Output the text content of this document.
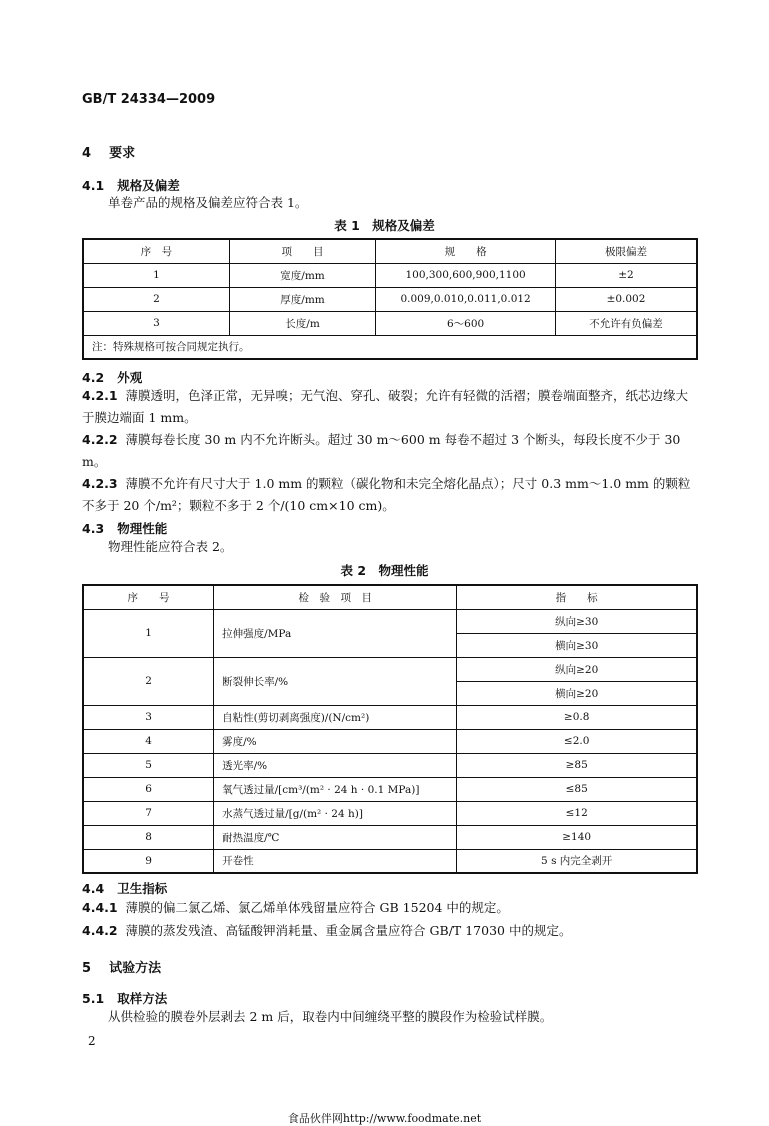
GB/T 24334—2009
4 要求
4.1 规格及偏差
单卷产品的规格及偏差应符合表 1。
表 1　规格及偏差
序　号	项　　目	规　　格	极限偏差
1	宽度/mm	100,300,600,900,1100	±2
2	厚度/mm	0.009,0.010,0.011,0.012	±0.002
3	长度/m	6～600	不允许有负偏差
注：特殊规格可按合同规定执行。			
4.2 外观
4.2.1 薄膜透明，色泽正常，无异嗅；无气泡、穿孔、破裂；允许有轻微的活褶；膜卷端面整齐，纸芯边缘大于膜边端面 1 mm。
4.2.2 薄膜每卷长度 30 m 内不允许断头。超过 30 m～600 m 每卷不超过 3 个断头，每段长度不少于 30 m。
4.2.3 薄膜不允许有尺寸大于 1.0 mm 的颗粒（碳化物和未完全熔化晶点）；尺寸 0.3 mm～1.0 mm 的颗粒不多于 20 个/m²；颗粒不多于 2 个/(10 cm×10 cm)。
4.3 物理性能
物理性能应符合表 2。
表 2　物理性能
序　　号	检　验　项　目	指　　标
1	拉伸强度/MPa	纵向≥30
		横向≥30
2	断裂伸长率/%	纵向≥20
		横向≥20
3	自粘性(剪切剥离强度)/(N/cm²)	≥0.8
4	雾度/%	≤2.0
5	透光率/%	≥85
6	氧气透过量/[cm³/(m² · 24 h · 0.1 MPa)]	≤85
7	水蒸气透过量/[g/(m² · 24 h)]	≤12
8	耐热温度/℃	≥140
9	开卷性	5 s 内完全剥开
4.4 卫生指标
4.4.1 薄膜的偏二氯乙烯、氯乙烯单体残留量应符合 GB 15204 中的规定。
4.4.2 薄膜的蒸发残渣、高锰酸钾消耗量、重金属含量应符合 GB/T 17030 中的规定。
5 试验方法
5.1 取样方法
从供检验的膜卷外层剥去 2 m 后，取卷内中间缠绕平整的膜段作为检验试样膜。
2
食品伙伴网http://www.foodmate.net
